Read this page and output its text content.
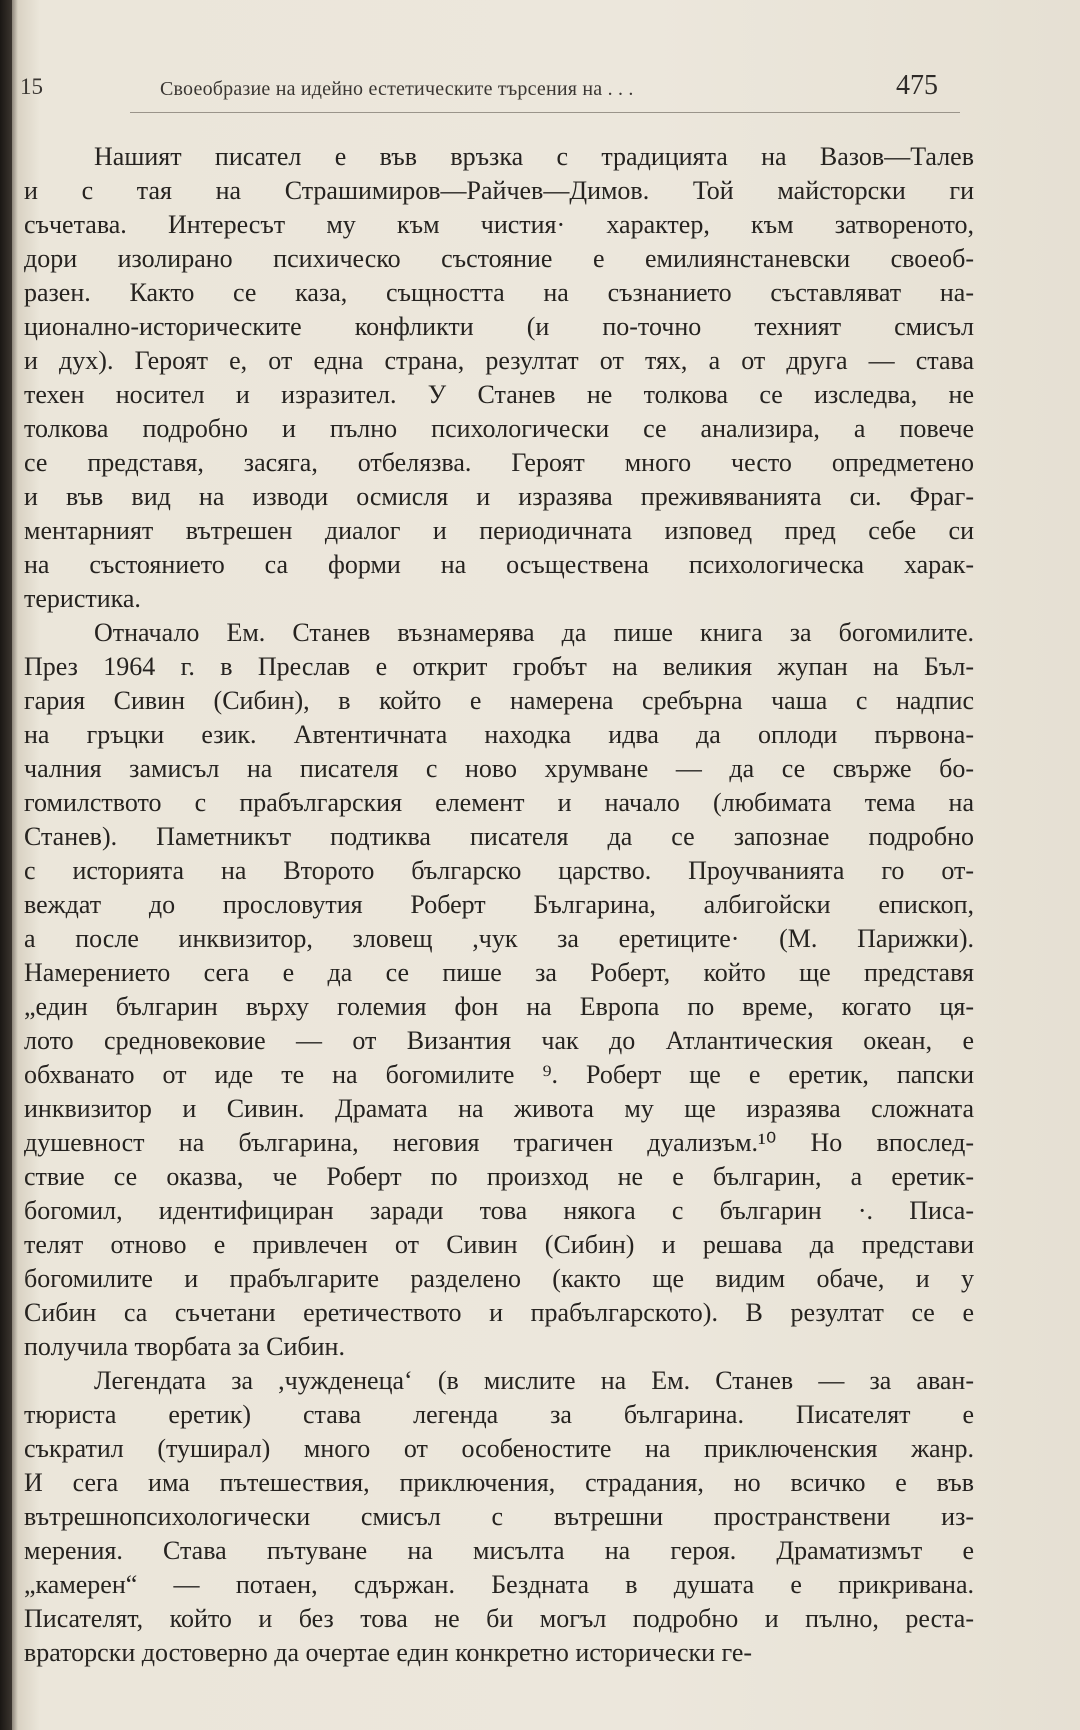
15	Своеобразие на идейно естетическите търсения на . . .	475

Нашият писател е във връзка с традицията на Вазов—Талев
и с тая на Страшимиров—Райчев—Димов. Той майсторски ги
съчетава. Интересът му към чистия· характер, към затвореното,
дори изолирано психическо състояние е емилиянстаневски своеоб-
разен. Както се каза, същността на съзнанието съставляват на-
ционално-историческите конфликти (и по-точно техният смисъл
и дух). Героят е, от една страна, резултат от тях, а от друга — става
техен носител и изразител. У Станев не толкова се изследва, не
толкова подробно и пълно психологически се анализира, а повече
се представя, засяга, отбелязва. Героят много често опредметено
и във вид на изводи осмисля и изразява преживяванията си. Фраг-
ментарният вътрешен диалог и периодичната изповед пред себе си
на състоянието са форми на осъществена психологическа харак-
теристика.

Отначало Ем. Станев възнамерява да пише книга за богомилите.
През 1964 г. в Преслав е открит гробът на великия жупан на Бъл-
гария Сивин (Сибин), в който е намерена сребърна чаша с надпис
на гръцки език. Автентичната находка идва да оплоди първона-
чалния замисъл на писателя с ново хрумване — да се свърже бо-
гомилството с прабългарския елемент и начало (любимата тема на
Станев). Паметникът подтиква писателя да се запознае подробно
с историята на Второто българско царство. Проучванията го от-
веждат до прословутия Роберт Българина, албигойски епископ,
а после инквизитор, зловещ ,чук за еретиците· (М. Парижки).
Намерението сега е да се пише за Роберт, който ще представя
„един българин върху големия фон на Европа по време, когато ця-
лото средновековие — от Византия чак до Атлантическия океан, е
обхванато от иде те на богомилите ⁹. Роберт ще е еретик, папски
инквизитор и Сивин. Драмата на живота му ще изразява сложната
душевност на българина, неговия трагичен дуализъм.¹⁰ Но впослед-
ствие се оказва, че Роберт по произход не е българин, а еретик-
богомил, идентифициран заради това някога с българин ·. Писа-
телят отново е привлечен от Сивин (Сибин) и решава да представи
богомилите и прабългарите разделено (както ще видим обаче, и у
Сибин са съчетани еретичеството и прабългарското). В резултат се е
получила творбата за Сибин.

Легендата за ,чужденеца‘ (в мислите на Ем. Станев — за аван-
тюриста еретик) става легенда за българина. Писателят е
съкратил (туширал) много от особеностите на приключенския жанр.
И сега има пътешествия, приключения, страдания, но всичко е във
вътрешнопсихологически смисъл с вътрешни пространствени из-
мерения. Става пътуване на мисълта на героя. Драматизмът е
„камерен“ — потаен, сдържан. Бездната в душата е прикривана.
Писателят, който и без това не би могъл подробно и пълно, реста-
враторски достоверно да очертае един конкретно исторически ге-
